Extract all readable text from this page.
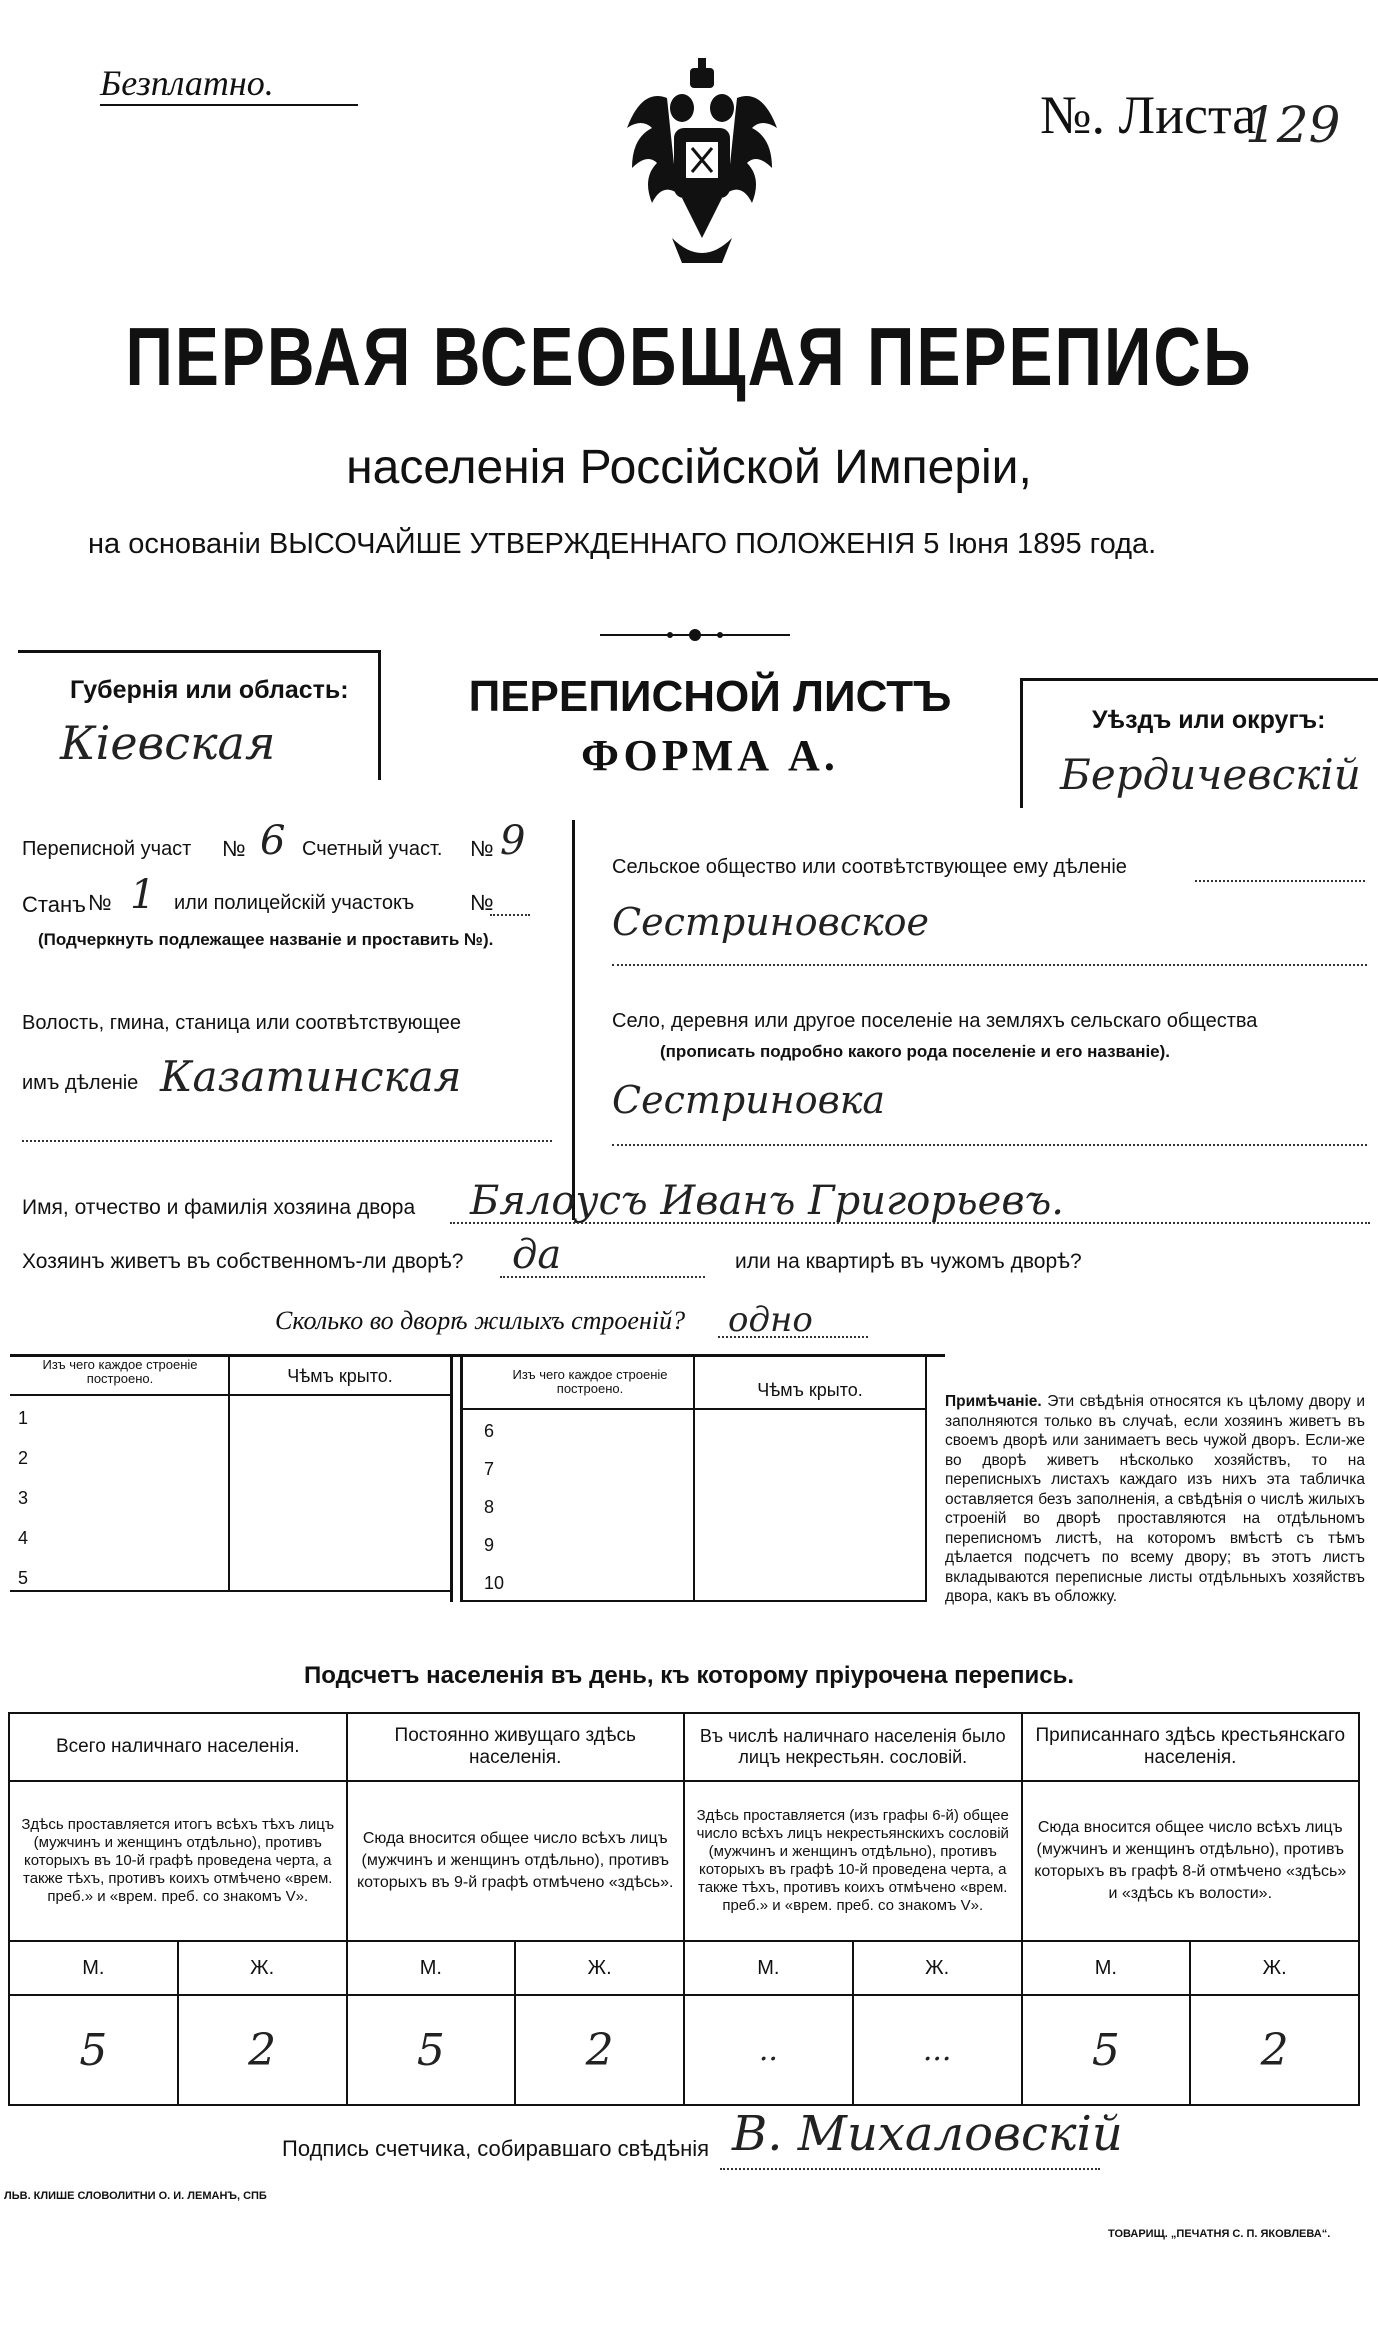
Безплатно.
№. Листа
129
ПЕРВАЯ ВСЕОБЩАЯ ПЕРЕПИСЬ
населенія Россійской Имперіи,
на основаніи ВЫСОЧАЙШЕ УТВЕРЖДЕННАГО ПОЛОЖЕНІЯ 5 Іюня 1895 года.
Губернія или область:
Кіевская
ПЕРЕПИСНОЙ ЛИСТЪ
ФОРМА А.
Уѣздъ или округъ:
Бердичевскій
Переписной участ № 6 Счетный участ. № 9
Станъ № 1 или полицейскій участокъ	№
(Подчеркнуть подлежащее названіе и проставить №).
Волость, гмина, станица или соотвѣтствующее
имъ дѣленіе Казатинская
Сельское общество или соотвѣтствующее ему дѣленіе
Сестриновское
Село, деревня или другое поселеніе на земляхъ сельскаго общества
(прописать подробно какого рода поселеніе и его названіе).
Сестриновка
Имя, отчество и фамилія хозяина двора Бялоусъ Иванъ Григорьевъ.
Хозяинъ живетъ въ собственномъ-ли дворѣ? да	или на квартирѣ въ чужомъ дворѣ?
Сколько во дворѣ жилыхъ строеній? одно
Изъ чего каждое строеніе построено.	Чѣмъ крыто.
1
2
3
4
5
Изъ чего каждое строеніе построено.	Чѣмъ крыто.
6
7
8
9
10
Примѣчаніе. Эти свѣдѣнія относятся къ цѣлому двору и заполняются только въ случаѣ, если хозяинъ живетъ въ своемъ дворѣ или занимаетъ весь чужой дворъ. Если-же во дворѣ живетъ нѣсколько хозяйствъ, то на переписныхъ листахъ каждаго изъ нихъ эта табличка оставляется безъ заполненія, а свѣдѣнія о числѣ жилыхъ строеній во дворѣ проставляются на отдѣльномъ переписномъ листѣ, на которомъ вмѣстѣ съ тѣмъ дѣлается подсчетъ по всему двору; въ этотъ листъ вкладываются переписные листы отдѣльныхъ хозяйствъ двора, какъ въ обложку.
Подсчетъ населенія въ день, къ которому пріурочена перепись.
Всего наличнаго населенія.		Постоянно живущаго здѣсь населенія.		Въ числѣ наличнаго населенія было лицъ некрестьян. сословій.		Приписаннаго здѣсь крестьянскаго населенія.	

Здѣсь проставляется итогъ всѣхъ тѣхъ лицъ (мужчинъ и женщинъ отдѣльно), противъ которыхъ въ 10-й графѣ проведена черта, а также тѣхъ, противъ коихъ отмѣчено «врем. преб.» и «врем. преб. со знакомъ V».		Сюда вносится общее число всѣхъ лицъ (мужчинъ и женщинъ отдѣльно), противъ которыхъ въ 9-й графѣ отмѣчено «здѣсь».		Здѣсь проставляется (изъ графы 6-й) общее число всѣхъ лицъ некрестьянскихъ сословій (мужчинъ и женщинъ отдѣльно), противъ которыхъ въ графѣ 10-й проведена черта, а также тѣхъ, противъ коихъ отмѣчено «врем. преб.» и «врем. преб. со знакомъ V».		Сюда вносится общее число всѣхъ лицъ (мужчинъ и женщинъ отдѣльно), противъ которыхъ въ графѣ 8-й отмѣчено «здѣсь» и «здѣсь къ волости».	

М.	Ж.	М.	Ж.	М.	Ж.	М.	Ж.
5	2	5	2	..	...	5	2
Подпись счетчика, собиравшаго свѣдѣнія В. Михаловскій
ЛЬВ. КЛИШЕ СЛОВОЛИТНИ О. И. ЛЕМАНЪ, СПБ
ТОВАРИЩ. „ПЕЧАТНЯ С. П. ЯКОВЛЕВА“.
